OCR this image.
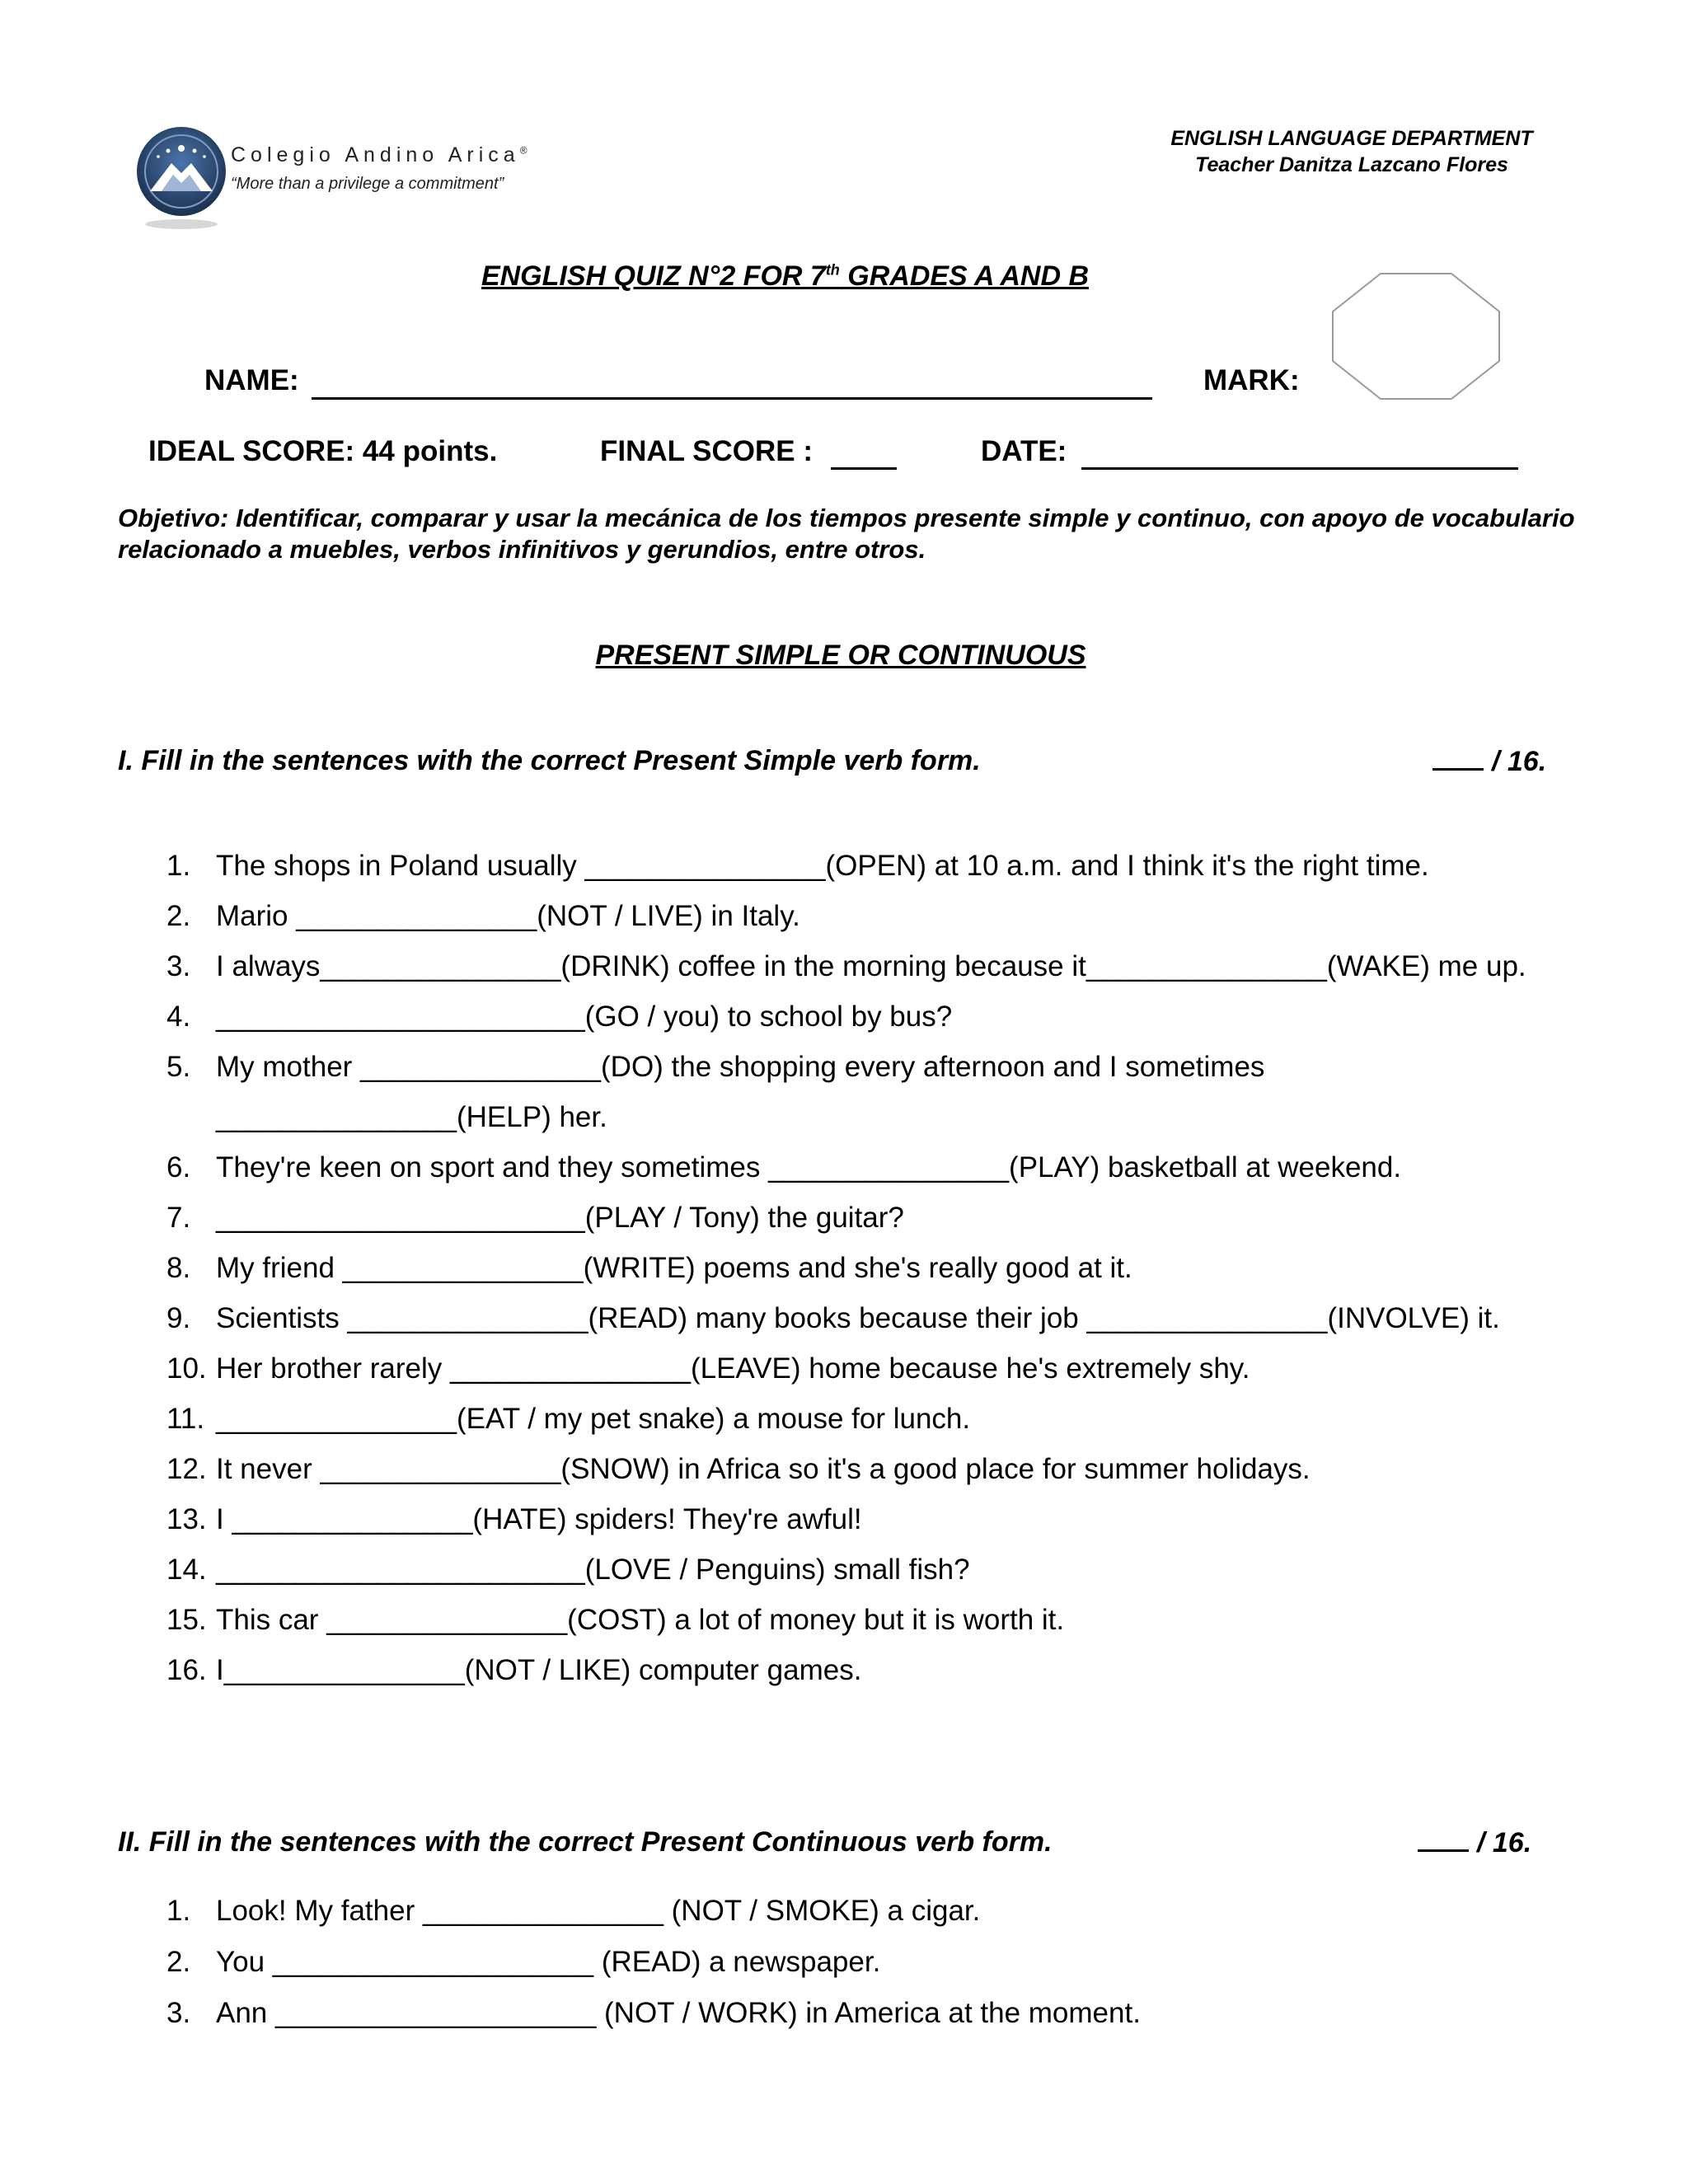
Colegio Andino Arica®
“More than a privilege a commitment”
ENGLISH LANGUAGE DEPARTMENT
Teacher Danitza Lazcano Flores
ENGLISH QUIZ N°2 FOR 7th GRADES A AND B
NAME:	MARK:
IDEAL SCORE: 44 points.	FINAL SCORE :	DATE:
Objetivo: Identificar, comparar y usar la mecánica de los tiempos presente simple y continuo, con apoyo de vocabulario relacionado a muebles, verbos infinitivos y gerundios, entre otros.
PRESENT SIMPLE OR CONTINUOUS
I. Fill in the sentences with the correct Present Simple verb form.	/ 16.
1. The shops in Poland usually _______________(OPEN) at 10 a.m. and I think it's the right time.
2. Mario _______________(NOT / LIVE) in Italy.
3. I always_______________(DRINK) coffee in the morning because it_______________(WAKE) me up.
4. _______________________(GO / you) to school by bus?
5. My mother _______________(DO) the shopping every afternoon and I sometimes _______________(HELP) her.
6. They're keen on sport and they sometimes _______________(PLAY) basketball at weekend.
7. _______________________(PLAY / Tony) the guitar?
8. My friend _______________(WRITE) poems and she's really good at it.
9. Scientists _______________(READ) many books because their job _______________(INVOLVE) it.
10. Her brother rarely _______________(LEAVE) home because he's extremely shy.
11. _______________(EAT / my pet snake) a mouse for lunch.
12. It never _______________(SNOW) in Africa so it's a good place for summer holidays.
13. I _______________(HATE) spiders! They're awful!
14. _______________________(LOVE / Penguins) small fish?
15. This car _______________(COST) a lot of money but it is worth it.
16. I_______________(NOT / LIKE) computer games.
II. Fill in the sentences with the correct Present Continuous verb form.	/ 16.
1. Look! My father _______________ (NOT / SMOKE) a cigar.
2. You ____________________ (READ) a newspaper.
3. Ann ____________________ (NOT / WORK) in America at the moment.
